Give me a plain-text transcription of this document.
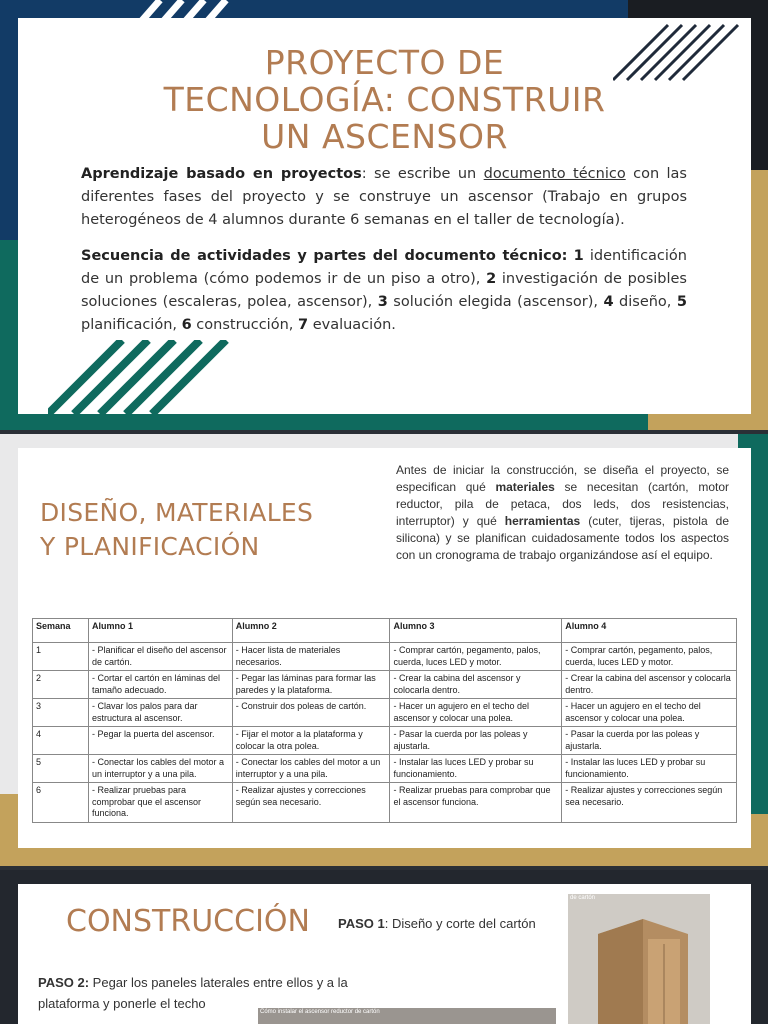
PROYECTO DE
TECNOLOGÍA: CONSTRUIR
UN ASCENSOR

Aprendizaje basado en proyectos: se escribe un documento técnico con las diferentes fases del proyecto y se construye un ascensor (Trabajo en grupos heterogéneos de 4 alumnos durante 6 semanas en el taller de tecnología).

Secuencia de actividades y partes del documento técnico: 1 identificación de un problema (cómo podemos ir de un piso a otro), 2 investigación de posibles soluciones (escaleras, polea, ascensor), 3 solución elegida (ascensor), 4 diseño, 5 planificación, 6 construcción, 7 evaluación.

DISEÑO, MATERIALES
Y PLANIFICACIÓN

Antes de iniciar la construcción, se diseña el proyecto, se especifican qué materiales se necesitan (cartón, motor reductor, pila de petaca, dos leds, dos resistencias, interruptor) y qué herramientas (cuter, tijeras, pistola de silicona) y se planifican cuidadosamente todos los aspectos con un cronograma de trabajo organizándose así el equipo.

Semana	Alumno 1	Alumno 2	Alumno 3	Alumno 4
1	- Planificar el diseño del ascensor de cartón.	- Hacer lista de materiales necesarios.	- Comprar cartón, pegamento, palos, cuerda, luces LED y motor.	- Comprar cartón, pegamento, palos, cuerda, luces LED y motor.
2	- Cortar el cartón en láminas del tamaño adecuado.	- Pegar las láminas para formar las paredes y la plataforma.	- Crear la cabina del ascensor y colocarla dentro.	- Crear la cabina del ascensor y colocarla dentro.
3	- Clavar los palos para dar estructura al ascensor.	- Construir dos poleas de cartón.	- Hacer un agujero en el techo del ascensor y colocar una polea.	- Hacer un agujero en el techo del ascensor y colocar una polea.
4	- Pegar la puerta del ascensor.	- Fijar el motor a la plataforma y colocar la otra polea.	- Pasar la cuerda por las poleas y ajustarla.	- Pasar la cuerda por las poleas y ajustarla.
5	- Conectar los cables del motor a un interruptor y a una pila.	- Conectar los cables del motor a un interruptor y a una pila.	- Instalar las luces LED y probar su funcionamiento.	- Instalar las luces LED y probar su funcionamiento.
6	- Realizar pruebas para comprobar que el ascensor funciona.	- Realizar ajustes y correcciones según sea necesario.	- Realizar pruebas para comprobar que el ascensor funciona.	- Realizar ajustes y correcciones según sea necesario.
CONSTRUCCIÓN PASO 1: Diseño y corte del cartón
PASO 2: Pegar los paneles laterales entre ellos y a la plataforma y ponerle el techo
de cartón
Cómo instalar el ascensor reductor de cartón
